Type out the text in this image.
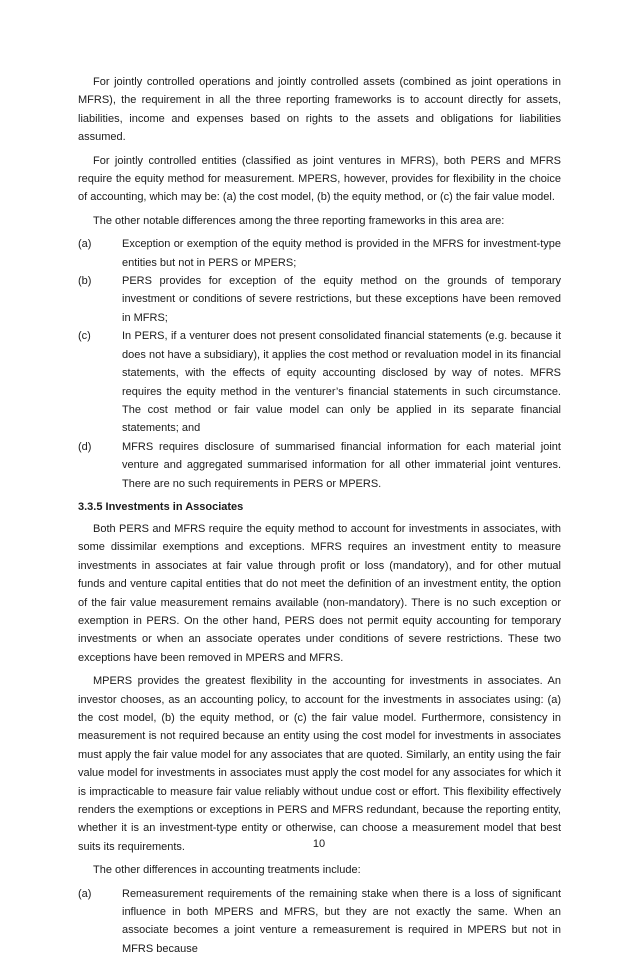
For jointly controlled operations and jointly controlled assets (combined as joint operations in MFRS), the requirement in all the three reporting frameworks is to account directly for assets, liabilities, income and expenses based on rights to the assets and obligations for liabilities assumed.

For jointly controlled entities (classified as joint ventures in MFRS), both PERS and MFRS require the equity method for measurement. MPERS, however, provides for flexibility in the choice of accounting, which may be: (a) the cost model, (b) the equity method, or (c) the fair value model.

The other notable differences among the three reporting frameworks in this area are:

(a)	Exception or exemption of the equity method is provided in the MFRS for investment-type entities but not in PERS or MPERS;
(b)	PERS provides for exception of the equity method on the grounds of temporary investment or conditions of severe restrictions, but these exceptions have been removed in MFRS;
(c)	In PERS, if a venturer does not present consolidated financial statements (e.g. because it does not have a subsidiary), it applies the cost method or revaluation model in its financial statements, with the effects of equity accounting disclosed by way of notes. MFRS requires the equity method in the venturer’s financial statements in such circumstance. The cost method or fair value model can only be applied in its separate financial statements; and
(d)	MFRS requires disclosure of summarised financial information for each material joint venture and aggregated summarised information for all other immaterial joint ventures. There are no such requirements in PERS or MPERS.
3.3.5 Investments in Associates

Both PERS and MFRS require the equity method to account for investments in associates, with some dissimilar exemptions and exceptions. MFRS requires an investment entity to measure investments in associates at fair value through profit or loss (mandatory), and for other mutual funds and venture capital entities that do not meet the definition of an investment entity, the option of the fair value measurement remains available (non-mandatory). There is no such exception or exemption in PERS. On the other hand, PERS does not permit equity accounting for temporary investments or when an associate operates under conditions of severe restrictions. These two exceptions have been removed in MPERS and MFRS.

MPERS provides the greatest flexibility in the accounting for investments in associates. An investor chooses, as an accounting policy, to account for the investments in associates using: (a) the cost model, (b) the equity method, or (c) the fair value model. Furthermore, consistency in measurement is not required because an entity using the cost model for investments in associates must apply the fair value model for any associates that are quoted. Similarly, an entity using the fair value model for investments in associates must apply the cost model for any associates for which it is impracticable to measure fair value reliably without undue cost or effort. This flexibility effectively renders the exemptions or exceptions in PERS and MFRS redundant, because the reporting entity, whether it is an investment-type entity or otherwise, can choose a measurement model that best suits its requirements.

The other differences in accounting treatments include:

(a)	Remeasurement requirements of the remaining stake when there is a loss of significant influence in both MPERS and MFRS, but they are not exactly the same. When an associate becomes a joint venture a remeasurement is required in MPERS but not in MFRS because
10
